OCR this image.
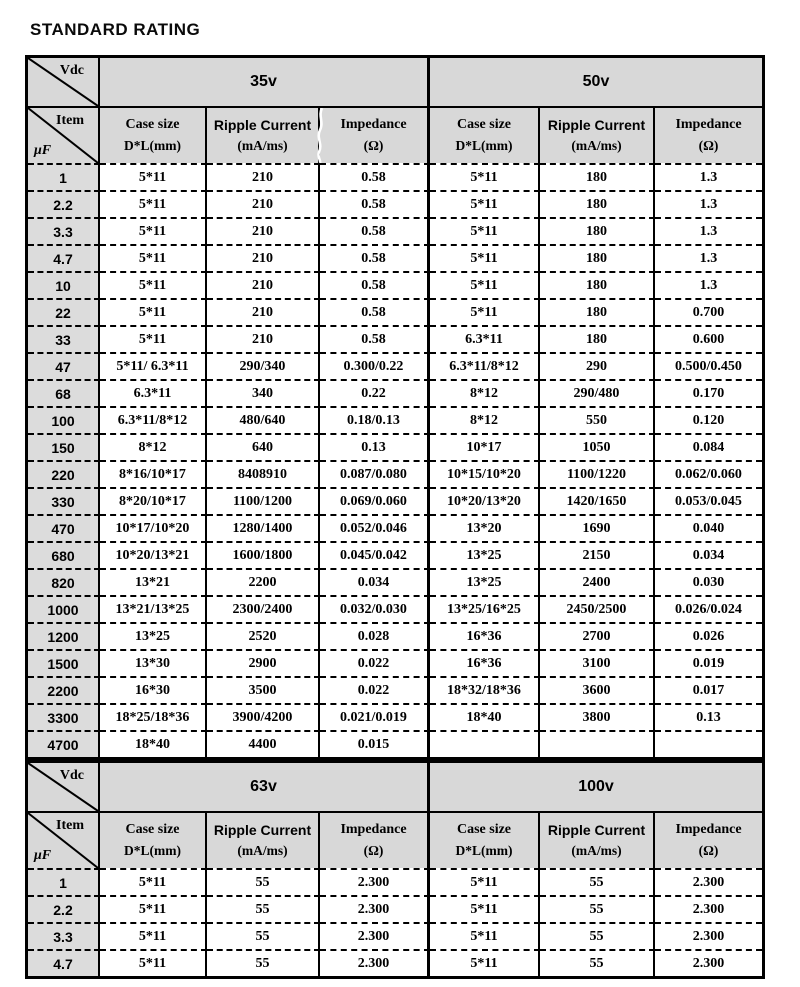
STANDARD RATING
Vdc
35v	50v
Item
μF
Case size
D*L(mm)
Ripple Current
(mA/ms)
Impedance
(Ω)
Case size
D*L(mm)
Ripple Current
(mA/ms)
Impedance
(Ω)
1	5*11	210	0.58	5*11	180	1.3
2.2	5*11	210	0.58	5*11	180	1.3
3.3	5*11	210	0.58	5*11	180	1.3
4.7	5*11	210	0.58	5*11	180	1.3
10	5*11	210	0.58	5*11	180	1.3
22	5*11	210	0.58	5*11	180	0.700
33	5*11	210	0.58	6.3*11	180	0.600
47	5*11/ 6.3*11	290/340	0.300/0.22	6.3*11/8*12	290	0.500/0.450
68	6.3*11	340	0.22	8*12	290/480	0.170
100	6.3*11/8*12	480/640	0.18/0.13	8*12	550	0.120
150	8*12	640	0.13	10*17	1050	0.084
220	8*16/10*17	8408910	0.087/0.080	10*15/10*20	1100/1220	0.062/0.060
330	8*20/10*17	1100/1200	0.069/0.060	10*20/13*20	1420/1650	0.053/0.045
470	10*17/10*20	1280/1400	0.052/0.046	13*20	1690	0.040
680	10*20/13*21	1600/1800	0.045/0.042	13*25	2150	0.034
820	13*21	2200	0.034	13*25	2400	0.030
1000	13*21/13*25	2300/2400	0.032/0.030	13*25/16*25	2450/2500	0.026/0.024
1200	13*25	2520	0.028	16*36	2700	0.026
1500	13*30	2900	0.022	16*36	3100	0.019
2200	16*30	3500	0.022	18*32/18*36	3600	0.017
3300	18*25/18*36	3900/4200	0.021/0.019	18*40	3800	0.13
4700	18*40	4400	0.015
Vdc
63v	100v
Item
μF
Case size
D*L(mm)
Ripple Current
(mA/ms)
Impedance
(Ω)
Case size
D*L(mm)
Ripple Current
(mA/ms)
Impedance
(Ω)
1	5*11	55	2.300	5*11	55	2.300
2.2	5*11	55	2.300	5*11	55	2.300
3.3	5*11	55	2.300	5*11	55	2.300
4.7	5*11	55	2.300	5*11	55	2.300
